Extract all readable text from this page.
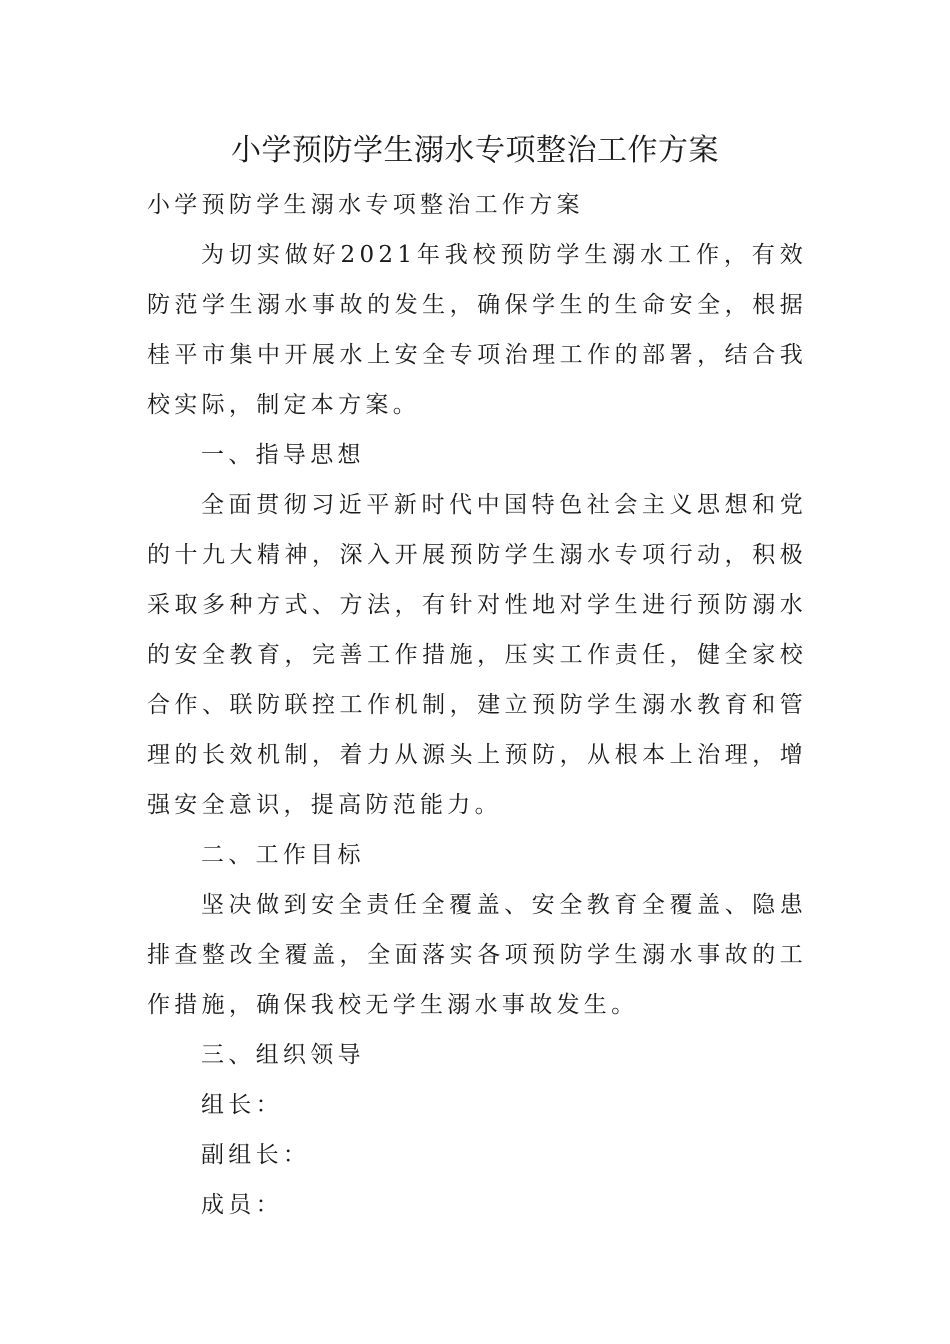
小学预防学生溺水专项整治工作方案

小学预防学生溺水专项整治工作方案

为切实做好2021年我校预防学生溺水工作，有效防范学生溺水事故的发生，确保学生的生命安全，根据桂平市集中开展水上安全专项治理工作的部署，结合我校实际，制定本方案。

一、指导思想

全面贯彻习近平新时代中国特色社会主义思想和党的十九大精神，深入开展预防学生溺水专项行动，积极采取多种方式、方法，有针对性地对学生进行预防溺水的安全教育，完善工作措施，压实工作责任，健全家校合作、联防联控工作机制，建立预防学生溺水教育和管理的长效机制，着力从源头上预防，从根本上治理，增强安全意识，提高防范能力。

二、工作目标

坚决做到安全责任全覆盖、安全教育全覆盖、隐患排查整改全覆盖，全面落实各项预防学生溺水事故的工作措施，确保我校无学生溺水事故发生。

三、组织领导

组长：

副组长：

成员：
